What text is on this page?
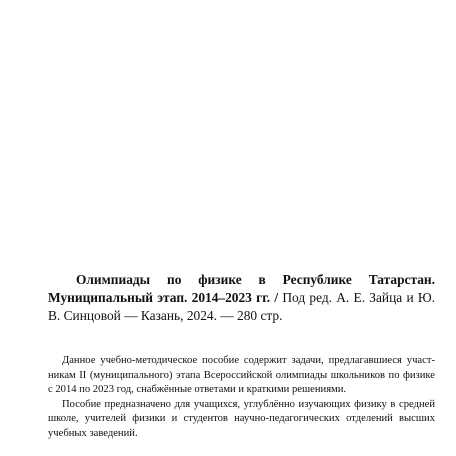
Олимпиады по физике в Республике Татарстан. Муниципальный этап. 2014–2023 гг. / Под ред. А. Е. Зайца и Ю. В. Синцовой — Казань, 2024. — 280 стр.

Данное учебно-методическое пособие содержит задачи, предлагавшиеся участникам II (муниципального) этапа Всероссийской олимпиады школьников по физике с 2014 по 2023 год, снабжённые ответами и краткими решениями.

Пособие предназначено для учащихся, углублённо изучающих физику в средней школе, учителей физики и студентов научно-педагогических отделений высших учебных заведений.
